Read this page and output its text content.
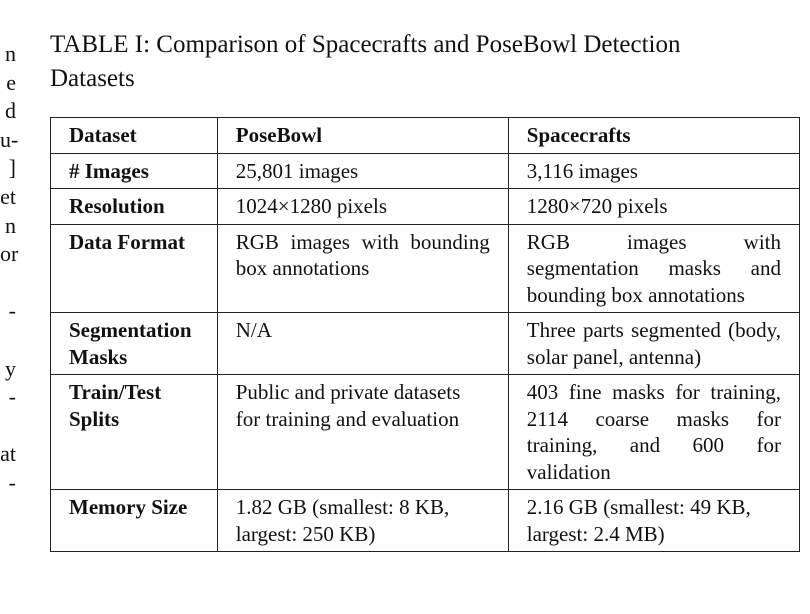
n
e
d
u-
]
et
n
or
-
y
-
at
-
TABLE I: Comparison of Spacecrafts and PoseBowl Detection
Datasets
Dataset	PoseBowl	Spacecrafts
# Images	25,801 images	3,116 images
Resolution	1024×1280 pixels	1280×720 pixels
Data Format	RGB images with bounding box annotations	RGB images with segmentation masks and bounding box annotations
Segmentation Masks	N/A	Three parts segmented (body, solar panel, antenna)
Train/Test Splits	Public and private datasets for training and evaluation	403 fine masks for training, 2114 coarse masks for training, and 600 for validation
Memory Size	1.82 GB (smallest: 8 KB, largest: 250 KB)	2.16 GB (smallest: 49 KB, largest: 2.4 MB)
